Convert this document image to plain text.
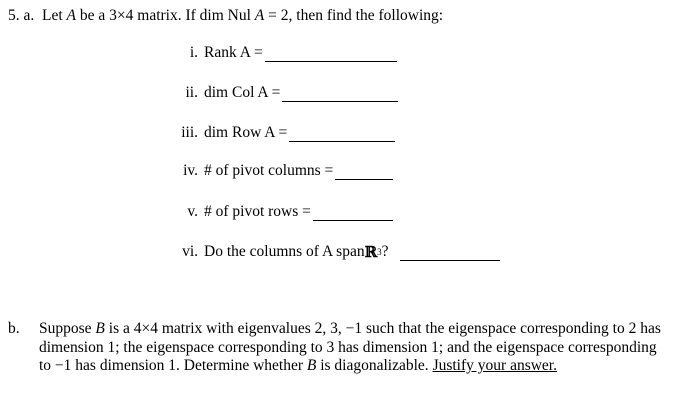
5. a. Let A be a 3×4 matrix. If dim Nul A = 2, then find the following:
i. Rank A =
ii. dim Col A =
iii. dim Row A =
iv. # of pivot columns =
v. # of pivot rows =
vi. Do the columns of A span ℝ 3 ?
b. Suppose B is a 4×4 matrix with eigenvalues 2, 3, −1 such that the eigenspace corresponding to 2 has dimension 1; the eigenspace corresponding to 3 has dimension 1; and the eigenspace corresponding to −1 has dimension 1. Determine whether B is diagonalizable. Justify your answer.
